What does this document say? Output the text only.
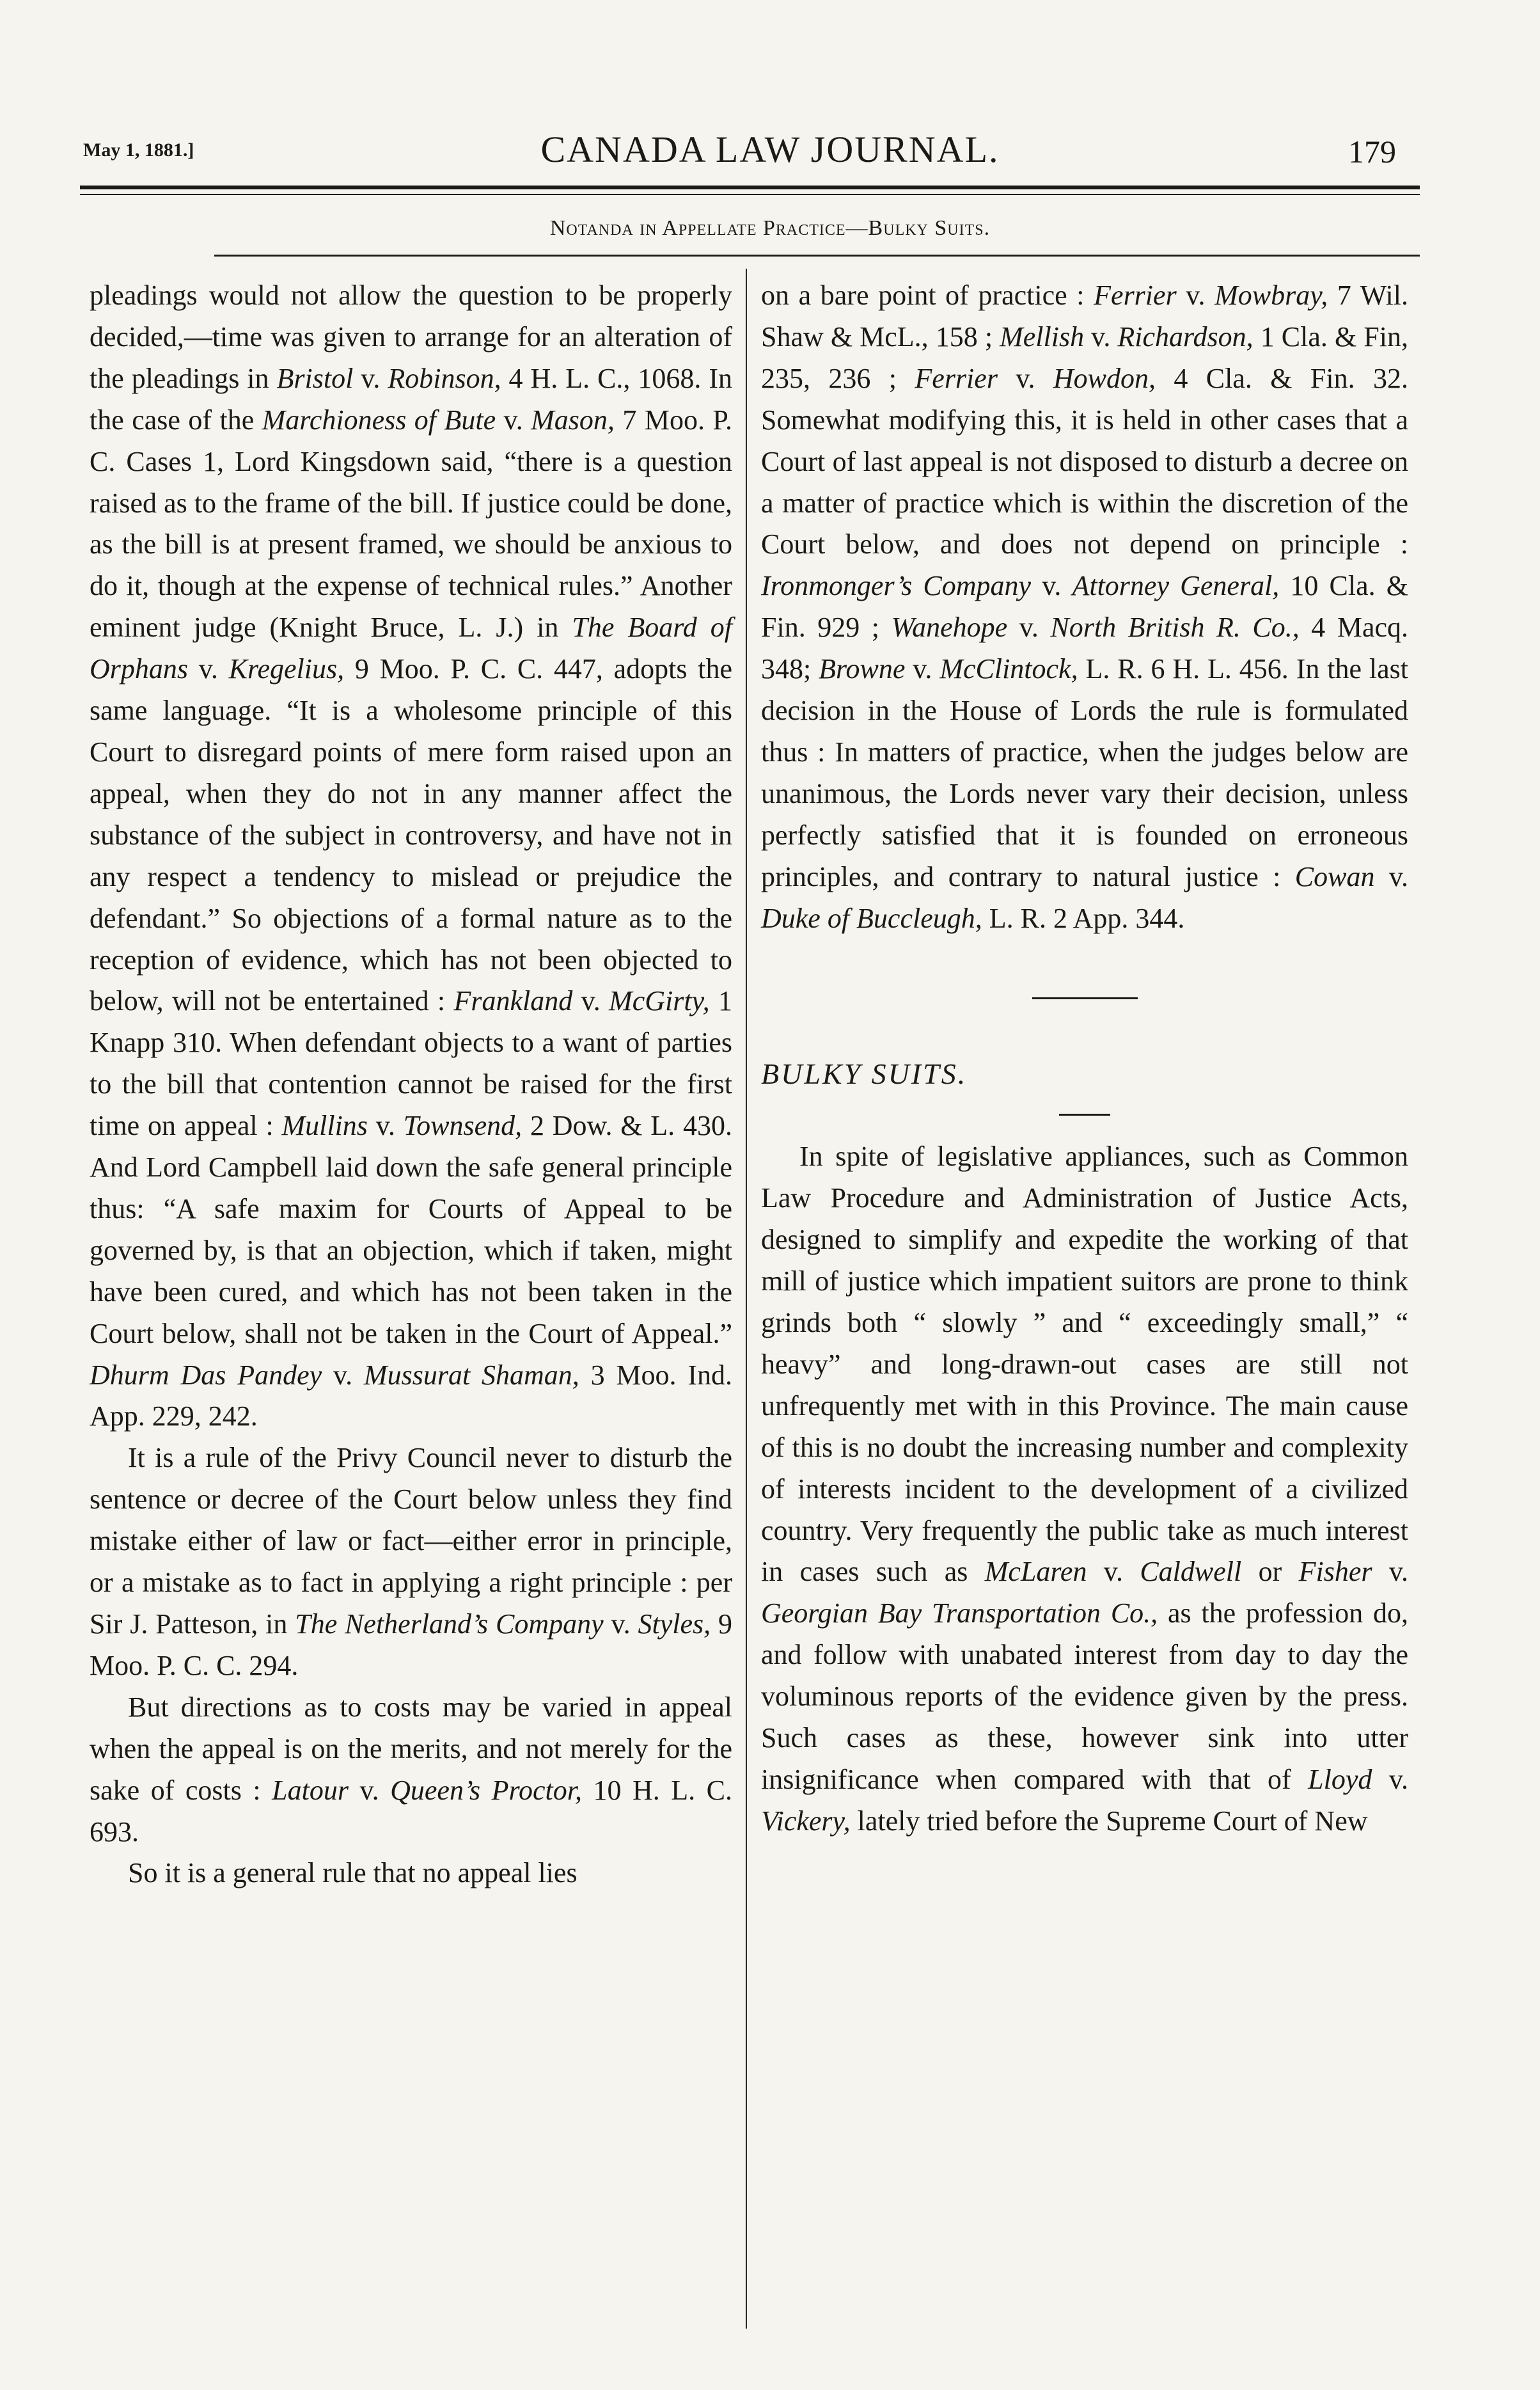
May 1, 1881.]	CANADA LAW JOURNAL.	179
Notanda in Appellate Practice—Bulky Suits.

pleadings would not allow the question to be properly decided,—time was given to arrange for an alteration of the pleadings in Bristol v. Robinson, 4 H. L. C., 1068. In the case of the Marchioness of Bute v. Mason, 7 Moo. P. C. Cases 1, Lord Kingsdown said, “there is a question raised as to the frame of the bill. If justice could be done, as the bill is at present framed, we should be anxious to do it, though at the expense of technical rules.” Another eminent judge (Knight Bruce, L. J.) in The Board of Orphans v. Kregelius, 9 Moo. P. C. C. 447, adopts the same language. “It is a wholesome principle of this Court to disregard points of mere form raised upon an appeal, when they do not in any manner affect the substance of the subject in controversy, and have not in any respect a tendency to mislead or prejudice the defendant.” So objections of a formal nature as to the reception of evidence, which has not been objected to below, will not be entertained : Frankland v. McGirty, 1 Knapp 310. When defendant objects to a want of parties to the bill that contention cannot be raised for the first time on appeal : Mullins v. Townsend, 2 Dow. & L. 430. And Lord Campbell laid down the safe general principle thus: “A safe maxim for Courts of Appeal to be governed by, is that an objection, which if taken, might have been cured, and which has not been taken in the Court below, shall not be taken in the Court of Appeal.” Dhurm Das Pandey v. Mussurat Shaman, 3 Moo. Ind. App. 229, 242.

It is a rule of the Privy Council never to disturb the sentence or decree of the Court below unless they find mistake either of law or fact—either error in principle, or a mistake as to fact in applying a right principle : per Sir J. Patteson, in The Netherland’s Company v. Styles, 9 Moo. P. C. C. 294.

But directions as to costs may be varied in appeal when the appeal is on the merits, and not merely for the sake of costs : Latour v. Queen’s Proctor, 10 H. L. C. 693.

So it is a general rule that no appeal lies

on a bare point of practice : Ferrier v. Mowbray, 7 Wil. Shaw & McL., 158 ; Mellish v. Richardson, 1 Cla. & Fin, 235, 236 ; Ferrier v. Howdon, 4 Cla. & Fin. 32. Somewhat modifying this, it is held in other cases that a Court of last appeal is not disposed to disturb a decree on a matter of practice which is within the discretion of the Court below, and does not depend on principle : Ironmonger’s Company v. Attorney General, 10 Cla. & Fin. 929 ; Wanehope v. North British R. Co., 4 Macq. 348; Browne v. McClintock, L. R. 6 H. L. 456. In the last decision in the House of Lords the rule is formulated thus : In matters of practice, when the judges below are unanimous, the Lords never vary their decision, unless perfectly satisfied that it is founded on erroneous principles, and contrary to natural justice : Cowan v. Duke of Buccleugh, L. R. 2 App. 344.

BULKY SUITS.

In spite of legislative appliances, such as Common Law Procedure and Administration of Justice Acts, designed to simplify and expedite the working of that mill of justice which impatient suitors are prone to think grinds both “ slowly ” and “ exceedingly small,” “ heavy” and long-drawn-out cases are still not unfrequently met with in this Province. The main cause of this is no doubt the increasing number and complexity of interests incident to the development of a civilized country. Very frequently the public take as much interest in cases such as McLaren v. Caldwell or Fisher v. Georgian Bay Transportation Co., as the profession do, and follow with unabated interest from day to day the voluminous reports of the evidence given by the press. Such cases as these, however sink into utter insignificance when compared with that of Lloyd v. Vickery, lately tried before the Supreme Court of New
